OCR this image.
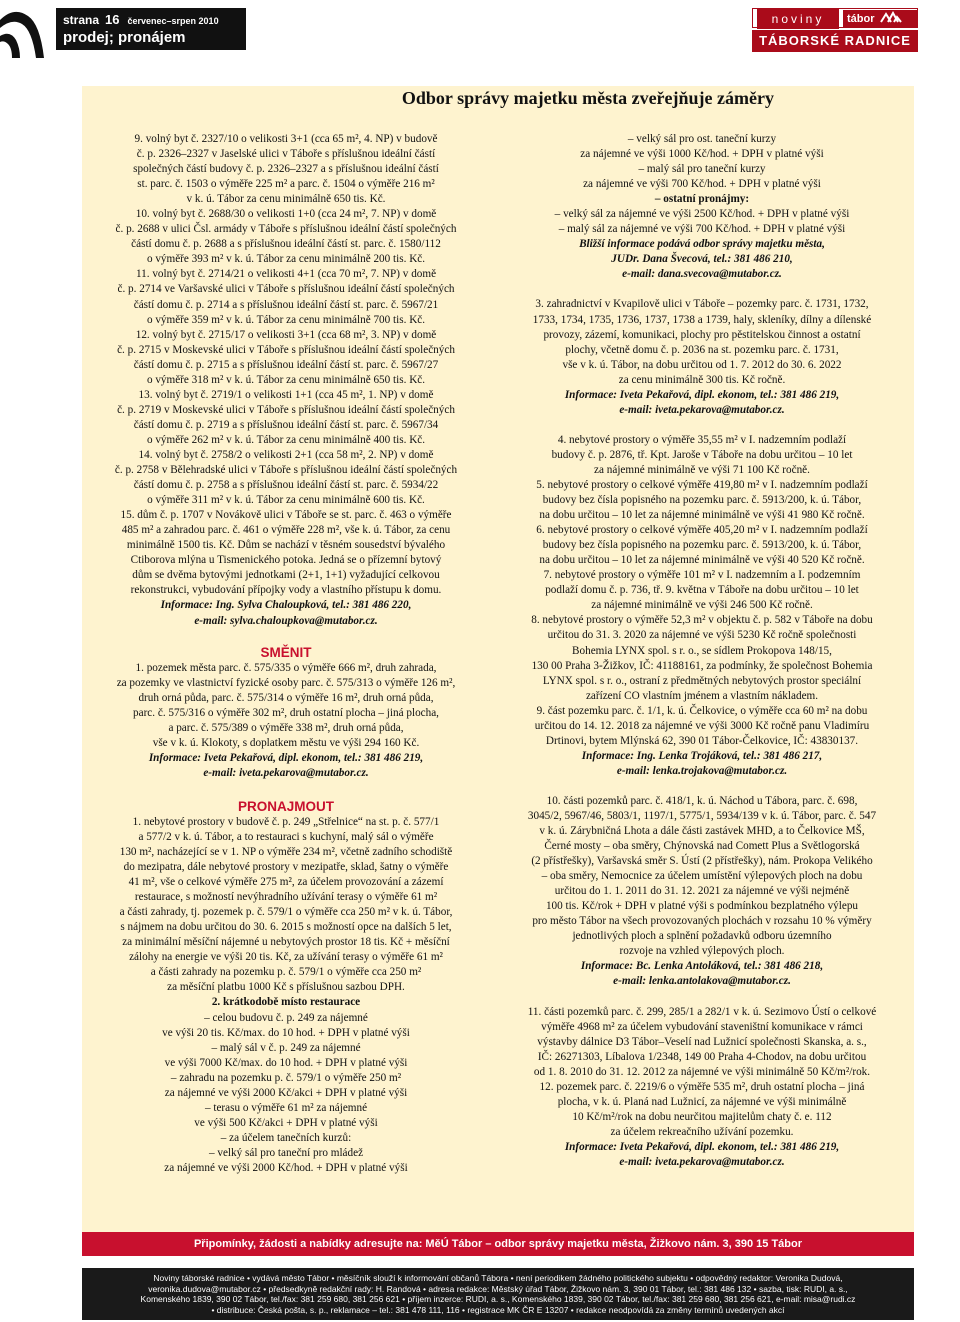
strana 16 červenec–srpen 2010
prodej; pronájem
noviny	tábor
TÁBORSKÉ RADNICE
Odbor správy majetku města zveřejňuje záměry

9. volný byt č. 2327/10 o velikosti 3+1 (cca 65 m², 4. NP) v budově

č. p. 2326–2327 v Jaselské ulici v Táboře s příslušnou ideální částí

společných částí budovy č. p. 2326–2327 a s příslušnou ideální částí

st. parc. č. 1503 o výměře 225 m² a parc. č. 1504 o výměře 216 m²

v k. ú. Tábor za cenu minimálně 650 tis. Kč.

10. volný byt č. 2688/30 o velikosti 1+0 (cca 24 m², 7. NP) v domě

č. p. 2688 v ulici Čsl. armády v Táboře s příslušnou ideální částí společných

částí domu č. p. 2688 a s příslušnou ideální částí st. parc. č. 1580/112

o výměře 393 m² v k. ú. Tábor za cenu minimálně 200 tis. Kč.

11. volný byt č. 2714/21 o velikosti 4+1 (cca 70 m², 7. NP) v domě

č. p. 2714 ve Varšavské ulici v Táboře s příslušnou ideální částí společných

částí domu č. p. 2714 a s příslušnou ideální částí st. parc. č. 5967/21

o výměře 359 m² v k. ú. Tábor za cenu minimálně 700 tis. Kč.

12. volný byt č. 2715/17 o velikosti 3+1 (cca 68 m², 3. NP) v domě

č. p. 2715 v Moskevské ulici v Táboře s příslušnou ideální částí společných

částí domu č. p. 2715 a s příslušnou ideální částí st. parc. č. 5967/27

o výměře 318 m² v k. ú. Tábor za cenu minimálně 650 tis. Kč.

13. volný byt č. 2719/1 o velikosti 1+1 (cca 45 m², 1. NP) v domě

č. p. 2719 v Moskevské ulici v Táboře s příslušnou ideální částí společných

částí domu č. p. 2719 a s příslušnou ideální částí st. parc. č. 5967/34

o výměře 262 m² v k. ú. Tábor za cenu minimálně 400 tis. Kč.

14. volný byt č. 2758/2 o velikosti 2+1 (cca 58 m², 2. NP) v domě

č. p. 2758 v Bělehradské ulici v Táboře s příslušnou ideální částí společných

částí domu č. p. 2758 a s příslušnou ideální částí st. parc. č. 5934/22

o výměře 311 m² v k. ú. Tábor za cenu minimálně 600 tis. Kč.

15. dům č. p. 1707 v Novákově ulici v Táboře se st. parc. č. 463 o výměře

485 m² a zahradou parc. č. 461 o výměře 228 m², vše k. ú. Tábor, za cenu

minimálně 1500 tis. Kč. Dům se nachází v těsném sousedství bývalého

Ctiborova mlýna u Tismenického potoka. Jedná se o přízemní bytový

dům se dvěma bytovými jednotkami (2+1, 1+1) vyžadující celkovou

rekonstrukci, vybudování přípojky vody a vlastního přístupu k domu.

Informace: Ing. Sylva Chaloupková, tel.: 381 486 220,

e-mail: sylva.chaloupkova@mutabor.cz.

SMĚNIT

1. pozemek města parc. č. 575/335 o výměře 666 m², druh zahrada,

za pozemky ve vlastnictví fyzické osoby parc. č. 575/313 o výměře 126 m²,

druh orná půda, parc. č. 575/314 o výměře 16 m², druh orná půda,

parc. č. 575/316 o výměře 302 m², druh ostatní plocha – jiná plocha,

a parc. č. 575/389 o výměře 338 m², druh orná půda,

vše v k. ú. Klokoty, s doplatkem městu ve výši 294 160 Kč.

Informace: Iveta Pekařová, dipl. ekonom, tel.: 381 486 219,

e-mail: iveta.pekarova@mutabor.cz.

PRONAJMOUT

1. nebytové prostory v budově č. p. 249 „Střelnice“ na st. p. č. 577/1

a 577/2 v k. ú. Tábor, a to restauraci s kuchyní, malý sál o výměře

130 m², nacházející se v 1. NP o výměře 234 m², včetně zadního schodiště

do mezipatra, dále nebytové prostory v mezipatře, sklad, šatny o výměře

41 m², vše o celkové výměře 275 m², za účelem provozování a zázemí

restaurace, s možností nevýhradního užívání terasy o výměře 61 m²

a části zahrady, tj. pozemek p. č. 579/1 o výměře cca 250 m² v k. ú. Tábor,

s nájmem na dobu určitou do 30. 6. 2015 s možností opce na dalších 5 let,

za minimální měsíční nájemné u nebytových prostor 18 tis. Kč + měsíční

zálohy na energie ve výši 20 tis. Kč, za užívání terasy o výměře 61 m²

a části zahrady na pozemku p. č. 579/1 o výměře cca 250 m²

za měsíční platbu 1000 Kč s příslušnou sazbou DPH.

2. krátkodobě místo restaurace

– celou budovu č. p. 249 za nájemné

ve výši 20 tis. Kč/max. do 10 hod. + DPH v platné výši

– malý sál v č. p. 249 za nájemné

ve výši 7000 Kč/max. do 10 hod. + DPH v platné výši

– zahradu na pozemku p. č. 579/1 o výměře 250 m²

za nájemné ve výši 2000 Kč/akci + DPH v platné výši

– terasu o výměře 61 m² za nájemné

ve výši 500 Kč/akci + DPH v platné výši

– za účelem tanečních kurzů:

– velký sál pro taneční pro mládež

za nájemné ve výši 2000 Kč/hod. + DPH v platné výši

– velký sál pro ost. taneční kurzy

za nájemné ve výši 1000 Kč/hod. + DPH v platné výši

– malý sál pro taneční kurzy

za nájemné ve výši 700 Kč/hod. + DPH v platné výši

– ostatní pronájmy:

– velký sál za nájemné ve výši 2500 Kč/hod. + DPH v platné výši

– malý sál za nájemné ve výši 700 Kč/hod. + DPH v platné výši

Bližší informace podává odbor správy majetku města,

JUDr. Dana Švecová, tel.: 381 486 210,

e-mail: dana.svecova@mutabor.cz.

3. zahradnictví v Kvapilově ulici v Táboře – pozemky parc. č. 1731, 1732,

1733, 1734, 1735, 1736, 1737, 1738 a 1739, haly, skleníky, dílny a dílenské

provozy, zázemí, komunikaci, plochy pro pěstitelskou činnost a ostatní

plochy, včetně domu č. p. 2036 na st. pozemku parc. č. 1731,

vše v k. ú. Tábor, na dobu určitou od 1. 7. 2012 do 30. 6. 2022

za cenu minimálně 300 tis. Kč ročně.

Informace: Iveta Pekařová, dipl. ekonom, tel.: 381 486 219,

e-mail: iveta.pekarova@mutabor.cz.

4. nebytové prostory o výměře 35,55 m² v I. nadzemním podlaží

budovy č. p. 2876, tř. Kpt. Jaroše v Táboře na dobu určitou – 10 let

za nájemné minimálně ve výši 71 100 Kč ročně.

5. nebytové prostory o celkové výměře 419,80 m² v I. nadzemním podlaží

budovy bez čísla popisného na pozemku parc. č. 5913/200, k. ú. Tábor,

na dobu určitou – 10 let za nájemné minimálně ve výši 41 980 Kč ročně.

6. nebytové prostory o celkové výměře 405,20 m² v I. nadzemním podlaží

budovy bez čísla popisného na pozemku parc. č. 5913/200, k. ú. Tábor,

na dobu určitou – 10 let za nájemné minimálně ve výši 40 520 Kč ročně.

7. nebytové prostory o výměře 101 m² v I. nadzemním a I. podzemním

podlaží domu č. p. 736, tř. 9. května v Táboře na dobu určitou – 10 let

za nájemné minimálně ve výši 246 500 Kč ročně.

8. nebytové prostory o výměře 52,3 m² v objektu č. p. 582 v Táboře na dobu

určitou do 31. 3. 2020 za nájemné ve výši 5230 Kč ročně společnosti

Bohemia LYNX spol. s r. o., se sídlem Prokopova 148/15,

130 00 Praha 3-Žižkov, IČ: 41188161, za podmínky, že společnost Bohemia

LYNX spol. s r. o., ostraní z předmětných nebytových prostor speciální

zařízení CO vlastním jménem a vlastním nákladem.

9. část pozemku parc. č. 1/1, k. ú. Čelkovice, o výměře cca 60 m² na dobu

určitou do 14. 12. 2018 za nájemné ve výši 3000 Kč ročně panu Vladimíru

Drtinovi, bytem Mlýnská 62, 390 01 Tábor-Čelkovice, IČ: 43830137.

Informace: Ing. Lenka Trojáková, tel.: 381 486 217,

e-mail: lenka.trojakova@mutabor.cz.

10. části pozemků parc. č. 418/1, k. ú. Náchod u Tábora, parc. č. 698,

3045/2, 5967/46, 5803/1, 1197/1, 5775/1, 5934/139 v k. ú. Tábor, parc. č. 547

v k. ú. Zárybničná Lhota a dále části zastávek MHD, a to Čelkovice MŠ,

Černé mosty – oba směry, Chýnovská nad Comett Plus a Světlogorská

(2 přístřešky), Varšavská směr S. Ústí (2 přístřešky), nám. Prokopa Velikého

– oba směry, Nemocnice za účelem umístění výlepových ploch na dobu

určitou do 1. 1. 2011 do 31. 12. 2021 za nájemné ve výši nejméně

100 tis. Kč/rok + DPH v platné výši s podmínkou bezplatného výlepu

pro město Tábor na všech provozovaných plochách v rozsahu 10 % výměry

jednotlivých ploch a splnění požadavků odboru územního

rozvoje na vzhled výlepových ploch.

Informace: Bc. Lenka Antoláková, tel.: 381 486 218,

e-mail: lenka.antolakova@mutabor.cz.

11. části pozemků parc. č. 299, 285/1 a 282/1 v k. ú. Sezimovo Ústí o celkové

výměře 4968 m² za účelem vybudování staveništní komunikace v rámci

výstavby dálnice D3 Tábor–Veselí nad Lužnicí společnosti Skanska, a. s.,

IČ: 26271303, Líbalova 1/2348, 149 00 Praha 4-Chodov, na dobu určitou

od 1. 8. 2010 do 31. 12. 2012 za nájemné ve výši minimálně 50 Kč/m²/rok.

12. pozemek parc. č. 2219/6 o výměře 535 m², druh ostatní plocha – jiná

plocha, v k. ú. Planá nad Lužnicí, za nájemné ve výši minimálně

10 Kč/m²/rok na dobu neurčitou majitelům chaty č. e. 112

za účelem rekreačního užívání pozemku.

Informace: Iveta Pekařová, dipl. ekonom, tel.: 381 486 219,

e-mail: iveta.pekarova@mutabor.cz.

Připomínky, žádosti a nabídky adresujte na: MěÚ Tábor – odbor správy majetku města, Žižkovo nám. 3, 390 15 Tábor

Noviny táborské radnice • vydává město Tábor • měsíčník slouží k informování občanů Tábora • není periodikem žádného politického subjektu • odpovědný redaktor: Veronika Dudová,

veronika.dudova@mutabor.cz • předsedkyně redakční rady: H. Randová • adresa redakce: Městský úřad Tábor, Žižkovo nám. 3, 390 01 Tábor, tel.: 381 486 132 • sazba, tisk: RUDI, a. s.,

Komenského 1839, 390 02 Tábor, tel./fax: 381 259 680, 381 256 621 • příjem inzerce: RUDI, a. s., Komenského 1839, 390 02 Tábor, tel./fax: 381 259 680, 381 256 621, e-mail: misa@rudi.cz

• distribuce: Česká pošta, s. p., reklamace – tel.: 381 478 111, 116 • registrace MK ČR E 13207 • redakce neodpovídá za změny termínů uvedených akcí
